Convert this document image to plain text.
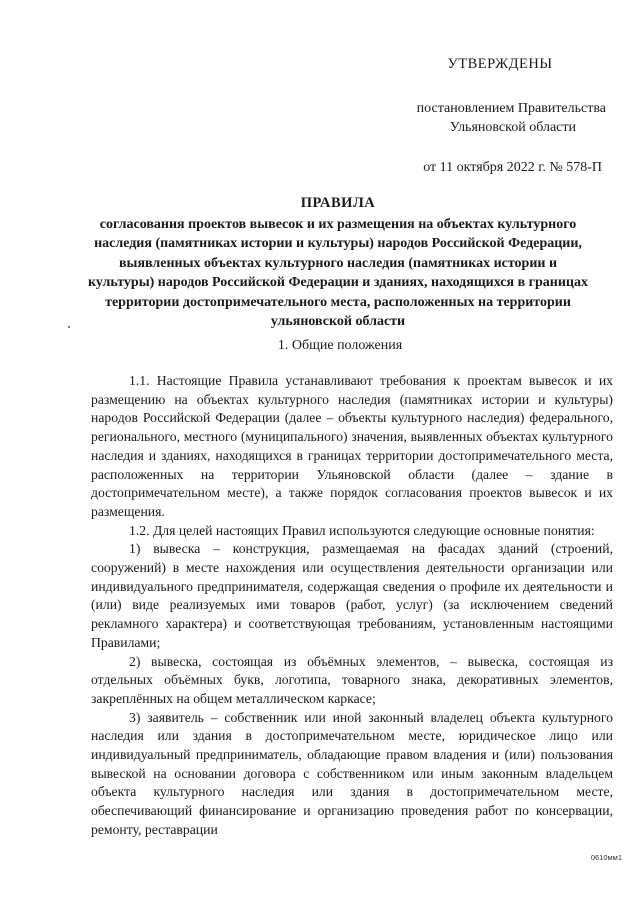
УТВЕРЖДЕНЫ
постановлением Правительства
Ульяновской области
от 11 октября 2022 г. № 578-П
ПРАВИЛА
согласования проектов вывесок и их размещения на объектах культурного наследия (памятниках истории и культуры) народов Российской Федерации, выявленных объектах культурного наследия (памятниках истории и культуры) народов Российской Федерации и зданиях, находящихся в границах территории достопримечательного места, расположенных на территории ульяновской области
1. Общие положения

1.1. Настоящие Правила устанавливают требования к проектам вывесок и их размещению на объектах культурного наследия (памятниках истории и культуры) народов Российской Федерации (далее – объекты культурного наследия) федерального, регионального, местного (муниципального) значения, выявленных объектах культурного наследия и зданиях, находящихся в границах территории достопримечательного места, расположенных на территории Ульяновской области (далее – здание в достопримечательном месте), а также порядок согласования проектов вывесок и их размещения.

1.2. Для целей настоящих Правил используются следующие основные понятия:

1) вывеска – конструкция, размещаемая на фасадах зданий (строений, сооружений) в месте нахождения или осуществления деятельности организации или индивидуального предпринимателя, содержащая сведения о профиле их деятельности и (или) виде реализуемых ими товаров (работ, услуг) (за исключением сведений рекламного характера) и соответствующая требованиям, установленным настоящими Правилами;

2) вывеска, состоящая из объёмных элементов, – вывеска, состоящая из отдельных объёмных букв, логотипа, товарного знака, декоративных элементов, закреплённых на общем металлическом каркасе;

3) заявитель – собственник или иной законный владелец объекта культурного наследия или здания в достопримечательном месте, юридическое лицо или индивидуальный предприниматель, обладающие правом владения и (или) пользования вывеской на основании договора с собственником или иным законным владельцем объекта культурного наследия или здания в достопримечательном месте, обеспечивающий финансирование и организацию проведения работ по консервации, ремонту, реставрации

0610мм1
